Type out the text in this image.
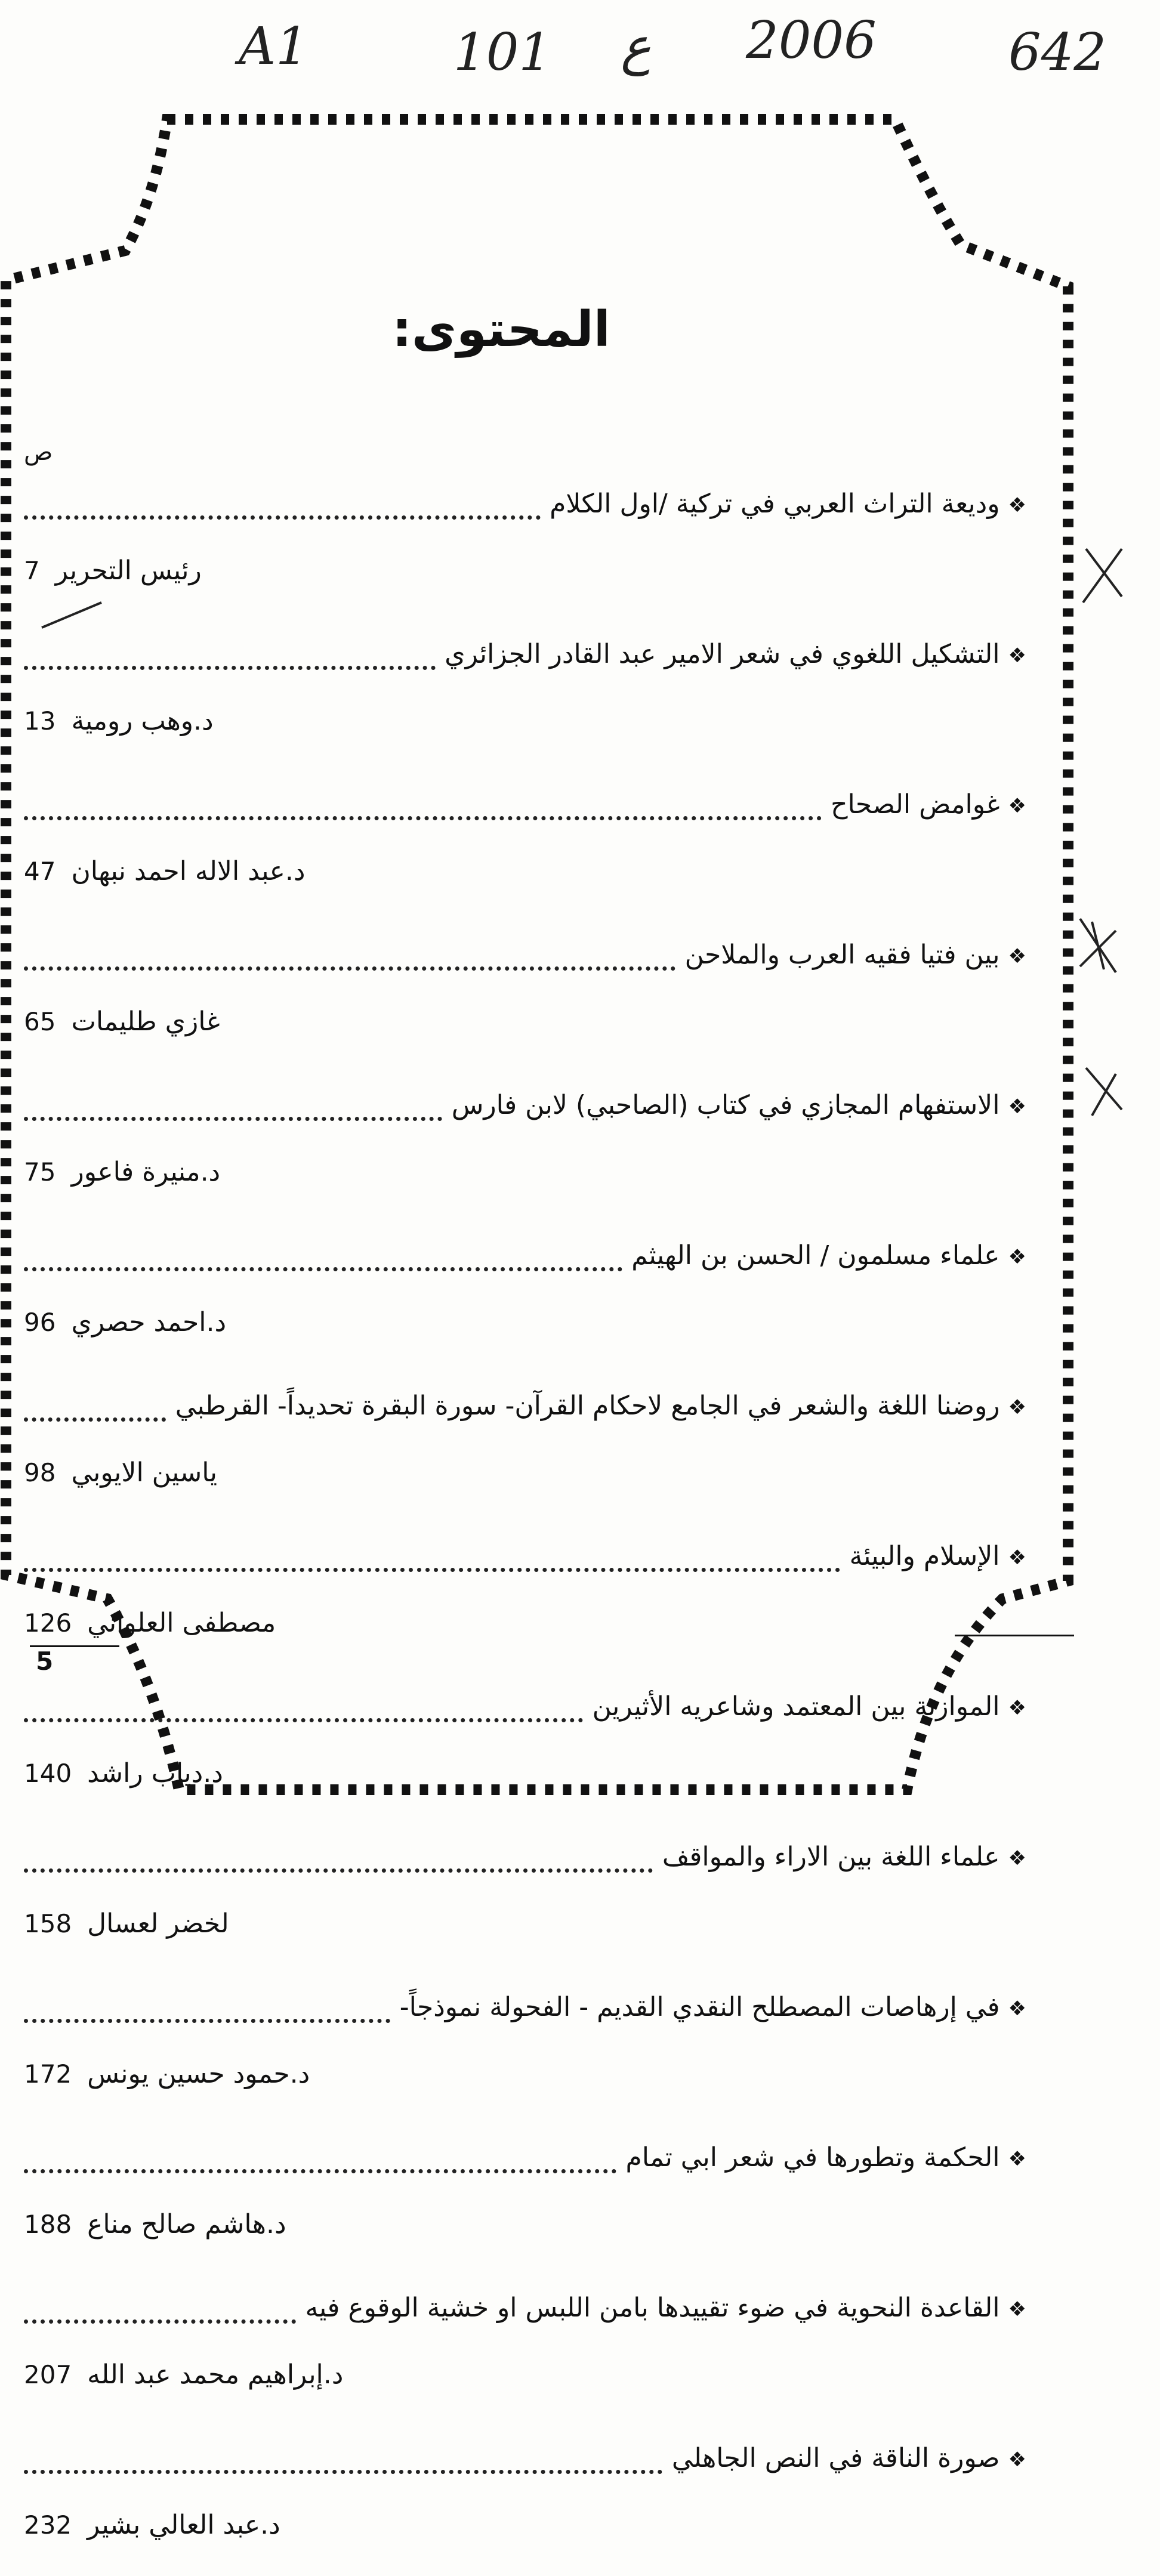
A1	101 ع 2006	642
المحتوى:
ص
❖وديعة التراث العربي في تركية /اول الكلام
7 رئيس التحرير
❖التشكيل اللغوي في شعر الامير عبد القادر الجزائري
13 د.وهب رومية
❖غوامض الصحاح
47 د.عبد الاله احمد نبهان
❖بين فتيا فقيه العرب والملاحن
65 غازي طليمات
❖الاستفهام المجازي في كتاب (الصاحبي) لابن فارس
75 د.منيرة فاعور
❖علماء مسلمون / الحسن بن الهيثم
96 د.احمد حصري
❖روضنا اللغة والشعر في الجامع لاحكام القرآن- سورة البقرة تحديداً- القرطبي
98 ياسين الايوبي
❖الإسلام والبيئة
126 مصطفى العلواني
❖الموازنة بين المعتمد وشاعريه الأثيرين
140 د.دياب راشد
❖علماء اللغة بين الاراء والمواقف
158 لخضر لعسال
❖في إرهاصات المصطلح النقدي القديم - الفحولة نموذجاً-
172 د.حمود حسين يونس
❖الحكمة وتطورها في شعر ابي تمام
188 د.هاشم صالح مناع
❖القاعدة النحوية في ضوء تقييدها بامن اللبس او خشية الوقوع فيه
207 د.إبراهيم محمد عبد الله
❖صورة الناقة في النص الجاهلي
232 د.عبد العالي بشير
5
